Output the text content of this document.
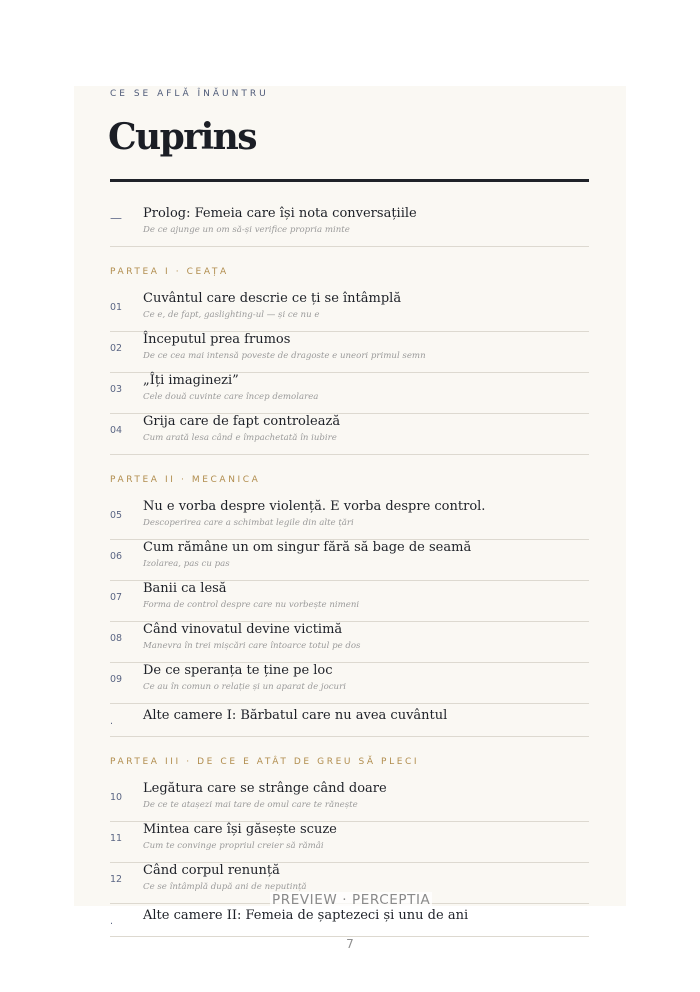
CE SE AFLĂ ÎNĂUNTRU
Cuprins
— Prolog: Femeia care își nota conversațiile
De ce ajunge un om să-și verifice propria minte
PARTEA I · CEAȚA
01
Cuvântul care descrie ce ți se întâmplă
Ce e, de fapt, gaslighting-ul — și ce nu e
02
Începutul prea frumos
De ce cea mai intensă poveste de dragoste e uneori primul semn
03
„Îți imaginezi”
Cele două cuvinte care încep demolarea
04
Grija care de fapt controlează
Cum arată lesa când e împachetată în iubire
PARTEA II · MECANICA
05
Nu e vorba despre violență. E vorba despre control.
Descoperirea care a schimbat legile din alte țări
06
Cum rămâne un om singur fără să bage de seamă
Izolarea, pas cu pas
07
Banii ca lesă
Forma de control despre care nu vorbește nimeni
08
Când vinovatul devine victimă
Manevra în trei mișcări care întoarce totul pe dos
09
De ce speranța te ține pe loc
Ce au în comun o relație și un aparat de jocuri
·
Alte camere I: Bărbatul care nu avea cuvântul
PARTEA III · DE CE E ATÂT DE GREU SĂ PLECI
10
Legătura care se strânge când doare
De ce te atașezi mai tare de omul care te rănește
11
Mintea care își găsește scuze
Cum te convinge propriul creier să rămâi
12
Când corpul renunță
Ce se întâmplă după ani de neputință
·
Alte camere II: Femeia de șaptezeci și unu de ani
PREVIEW · PERCEPTIA
7
